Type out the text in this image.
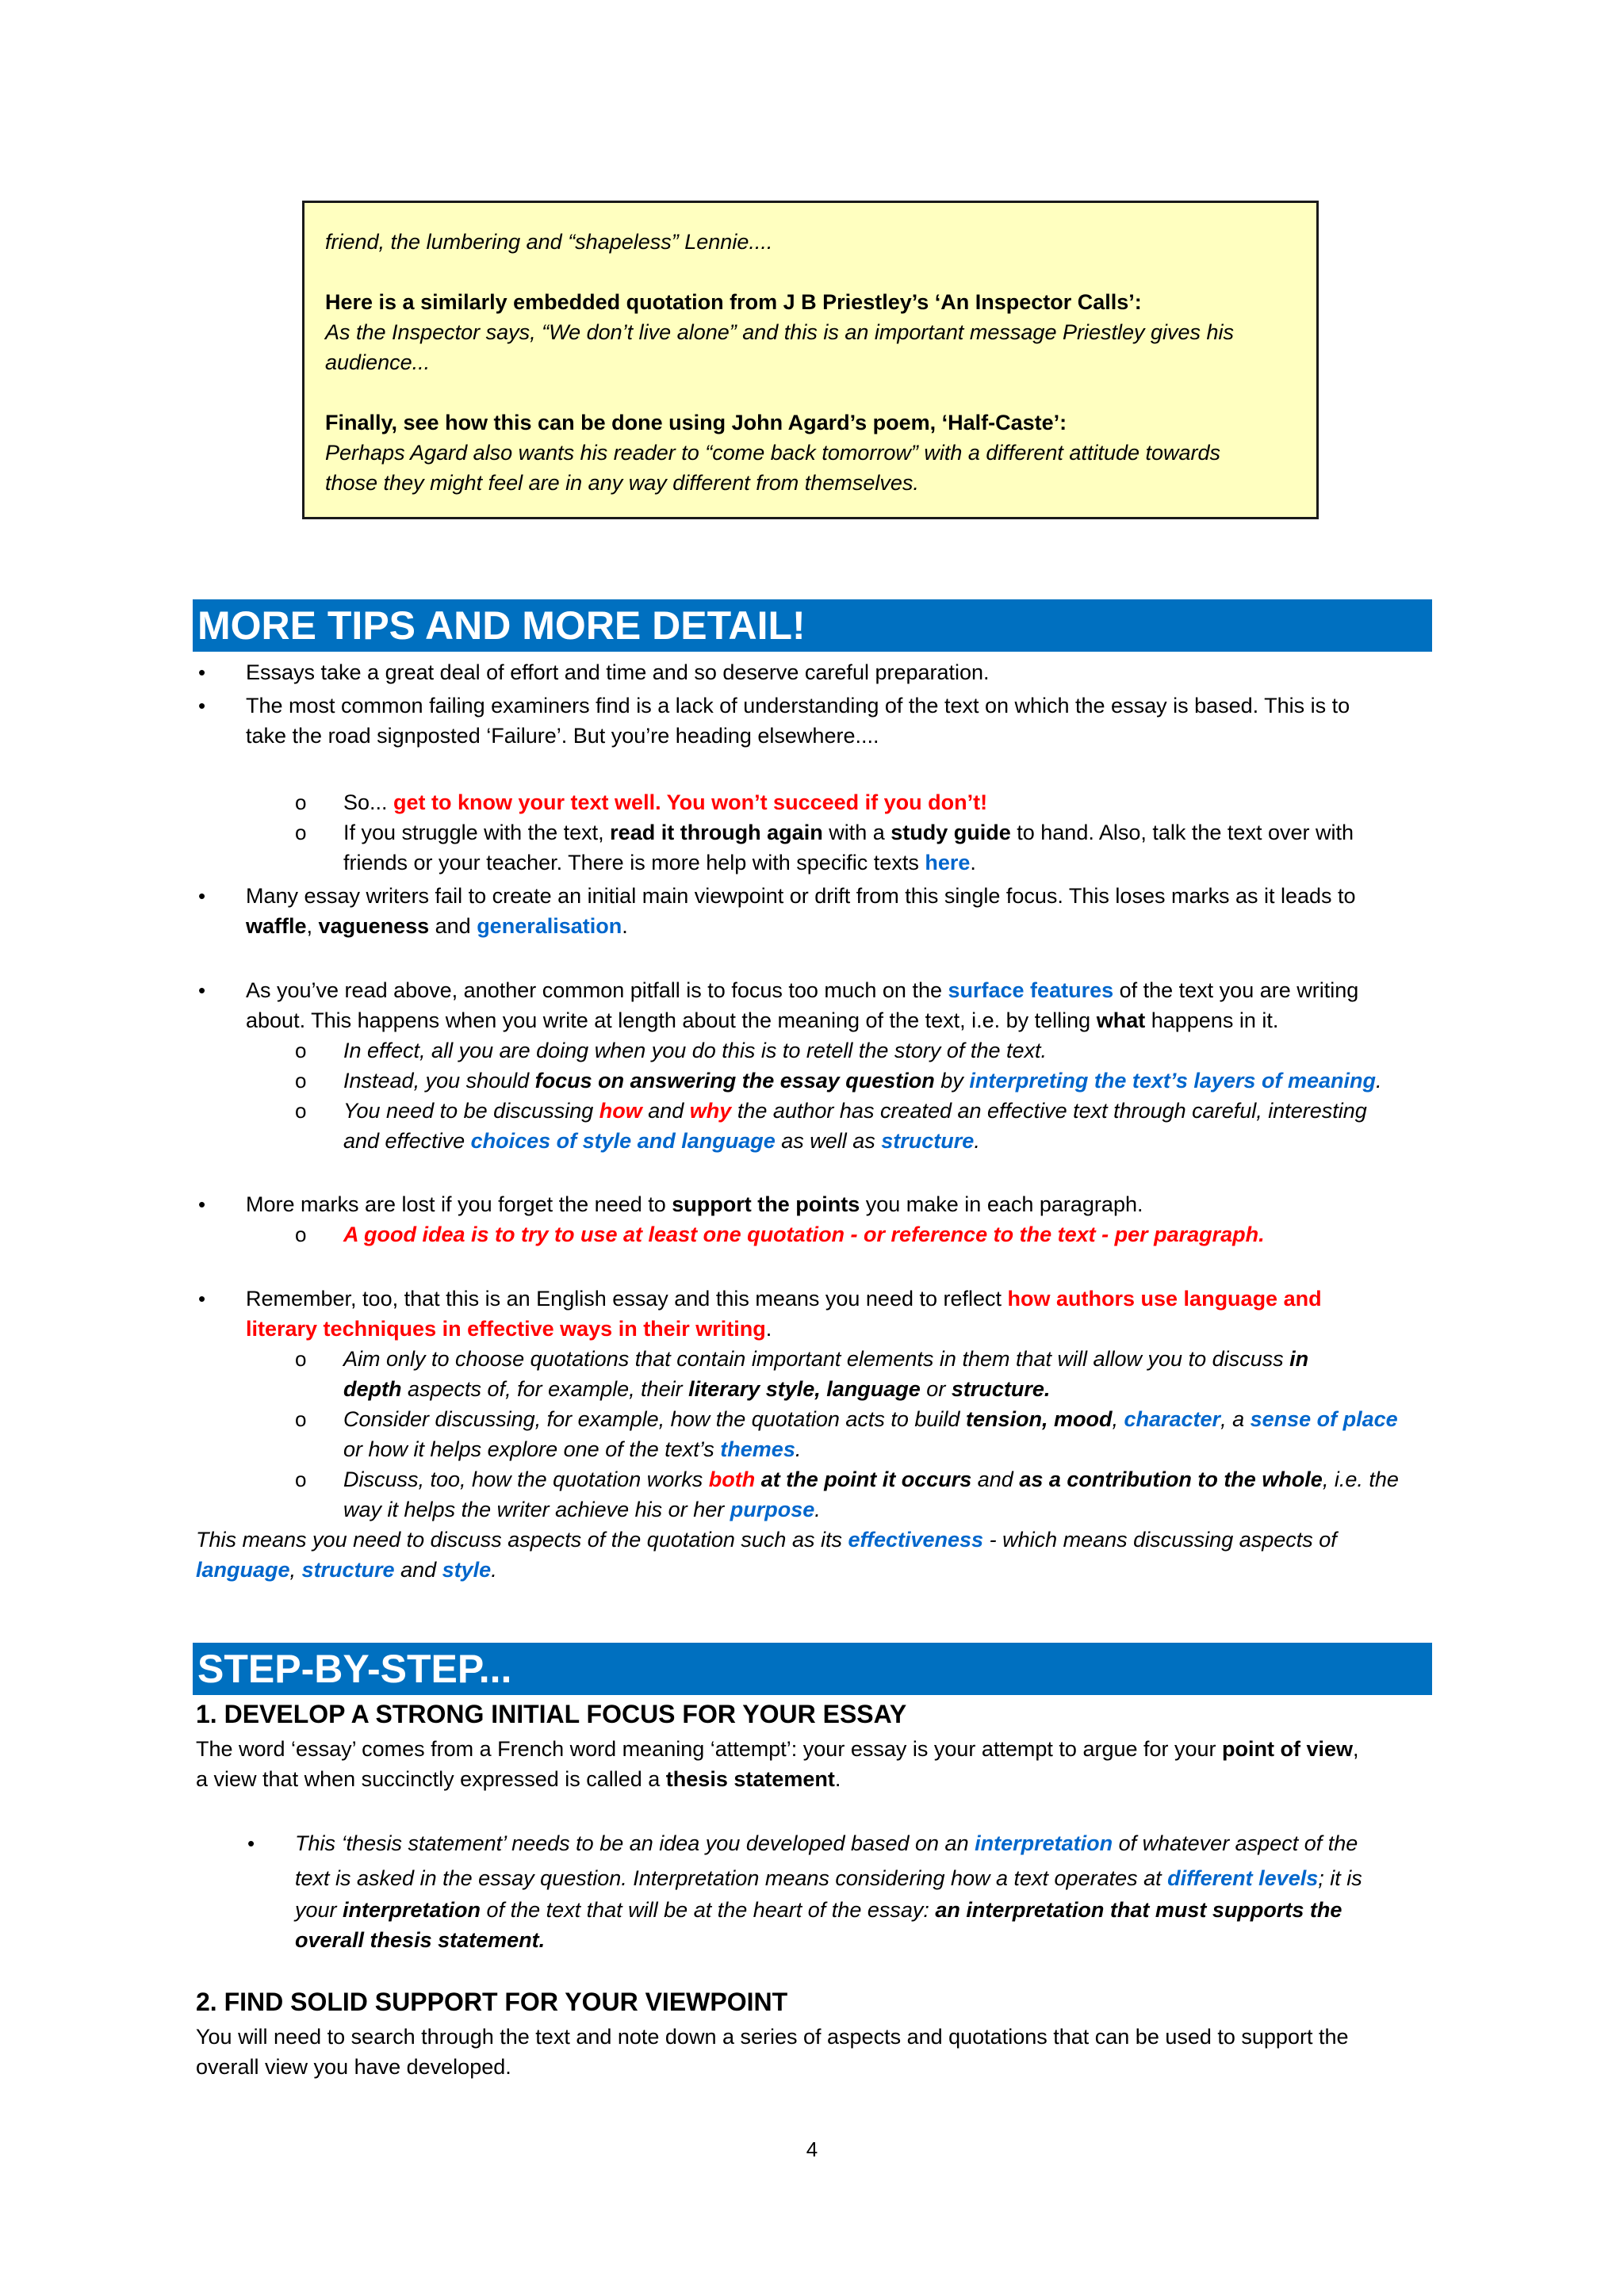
friend, the lumbering and “shapeless” Lennie....

Here is a similarly embedded quotation from J B Priestley’s ‘An Inspector Calls’:

As the Inspector says, “We don’t live alone” and this is an important message Priestley gives his

audience...

Finally, see how this can be done using John Agard’s poem, ‘Half-Caste’:

Perhaps Agard also wants his reader to “come back tomorrow” with a different attitude towards

those they might feel are in any way different from themselves.

MORE TIPS AND MORE DETAIL!
• Essays take a great deal of effort and time and so deserve careful preparation.
• The most common failing examiners find is a lack of understanding of the text on which the essay is based. This is to
take the road signposted ‘Failure’. But you’re heading elsewhere....
o So... get to know your text well. You won’t succeed if you don’t!
o If you struggle with the text, read it through again with a study guide to hand. Also, talk the text over with
friends or your teacher. There is more help with specific texts here.
• Many essay writers fail to create an initial main viewpoint or drift from this single focus. This loses marks as it leads to
waffle, vagueness and generalisation.
• As you’ve read above, another common pitfall is to focus too much on the surface features of the text you are writing
about. This happens when you write at length about the meaning of the text, i.e. by telling what happens in it.
o In effect, all you are doing when you do this is to retell the story of the text.
o Instead, you should focus on answering the essay question by interpreting the text’s layers of meaning.
o You need to be discussing how and why the author has created an effective text through careful, interesting
and effective choices of style and language as well as structure.
• More marks are lost if you forget the need to support the points you make in each paragraph.
o A good idea is to try to use at least one quotation - or reference to the text - per paragraph.
• Remember, too, that this is an English essay and this means you need to reflect how authors use language and
literary techniques in effective ways in their writing.
o Aim only to choose quotations that contain important elements in them that will allow you to discuss in
depth aspects of, for example, their literary style, language or structure.
o Consider discussing, for example, how the quotation acts to build tension, mood, character, a sense of place
or how it helps explore one of the text’s themes.
o Discuss, too, how the quotation works both at the point it occurs and as a contribution to the whole, i.e. the
way it helps the writer achieve his or her purpose.
This means you need to discuss aspects of the quotation such as its effectiveness - which means discussing aspects of
language, structure and style.
STEP-BY-STEP...
1. DEVELOP A STRONG INITIAL FOCUS FOR YOUR ESSAY
The word ‘essay’ comes from a French word meaning ‘attempt’: your essay is your attempt to argue for your point of view,
a view that when succinctly expressed is called a thesis statement.
• This ‘thesis statement’ needs to be an idea you developed based on an interpretation of whatever aspect of the
text is asked in the essay question. Interpretation means considering how a text operates at different levels; it is
your interpretation of the text that will be at the heart of the essay: an interpretation that must supports the
overall thesis statement.
2. FIND SOLID SUPPORT FOR YOUR VIEWPOINT
You will need to search through the text and note down a series of aspects and quotations that can be used to support the
overall view you have developed.
4
